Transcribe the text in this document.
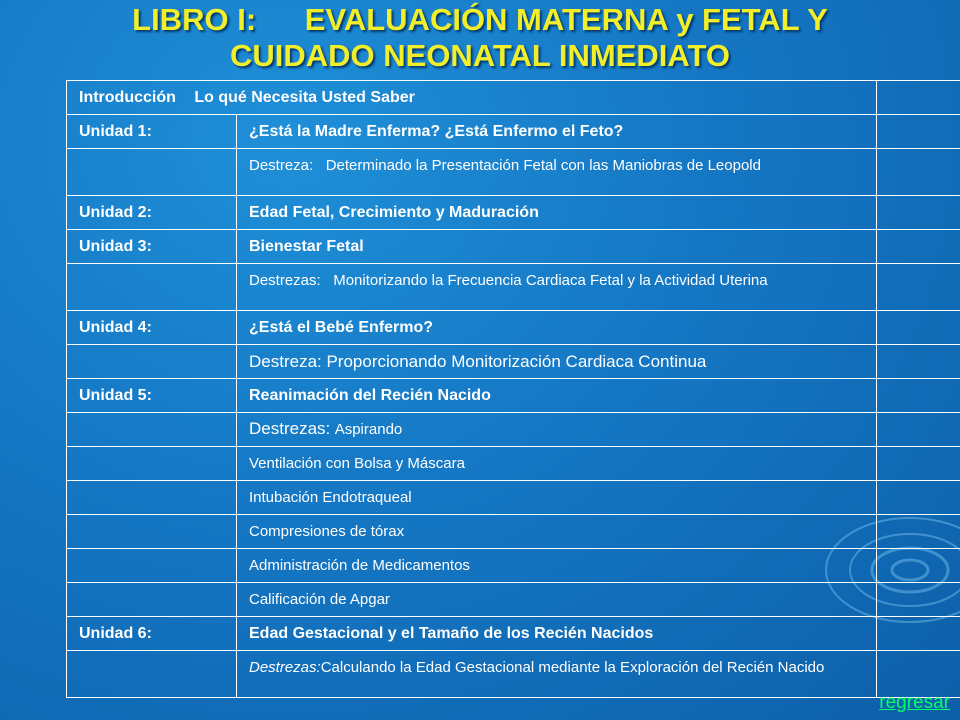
LIBRO I: EVALUACIÓN MATERNA y FETAL Y
CUIDADO NEONATAL INMEDIATO
Introducción Lo qué Necesita Usted Saber		
Unidad 1:	¿Está la Madre Enferma? ¿Está Enfermo el Feto?	
	Destreza: Determinado la Presentación Fetal con las Maniobras de Leopold	
Unidad 2:	Edad Fetal, Crecimiento y Maduración	
Unidad 3:	Bienestar Fetal	
	Destrezas: Monitorizando la Frecuencia Cardiaca Fetal y la Actividad Uterina	
Unidad 4:	¿Está el Bebé Enfermo?	
	Destreza: Proporcionando Monitorización Cardiaca Continua	
Unidad 5:	Reanimación del Recién Nacido	
	Destrezas: Aspirando	
	Ventilación con Bolsa y Máscara	
	Intubación Endotraqueal	
	Compresiones de tórax	
	Administración de Medicamentos	
	Calificación de Apgar	
Unidad 6:	Edad Gestacional y el Tamaño de los Recién Nacidos	
	Destrezas:Calculando la Edad Gestacional mediante la Exploración del Recién Nacido	
regresar
